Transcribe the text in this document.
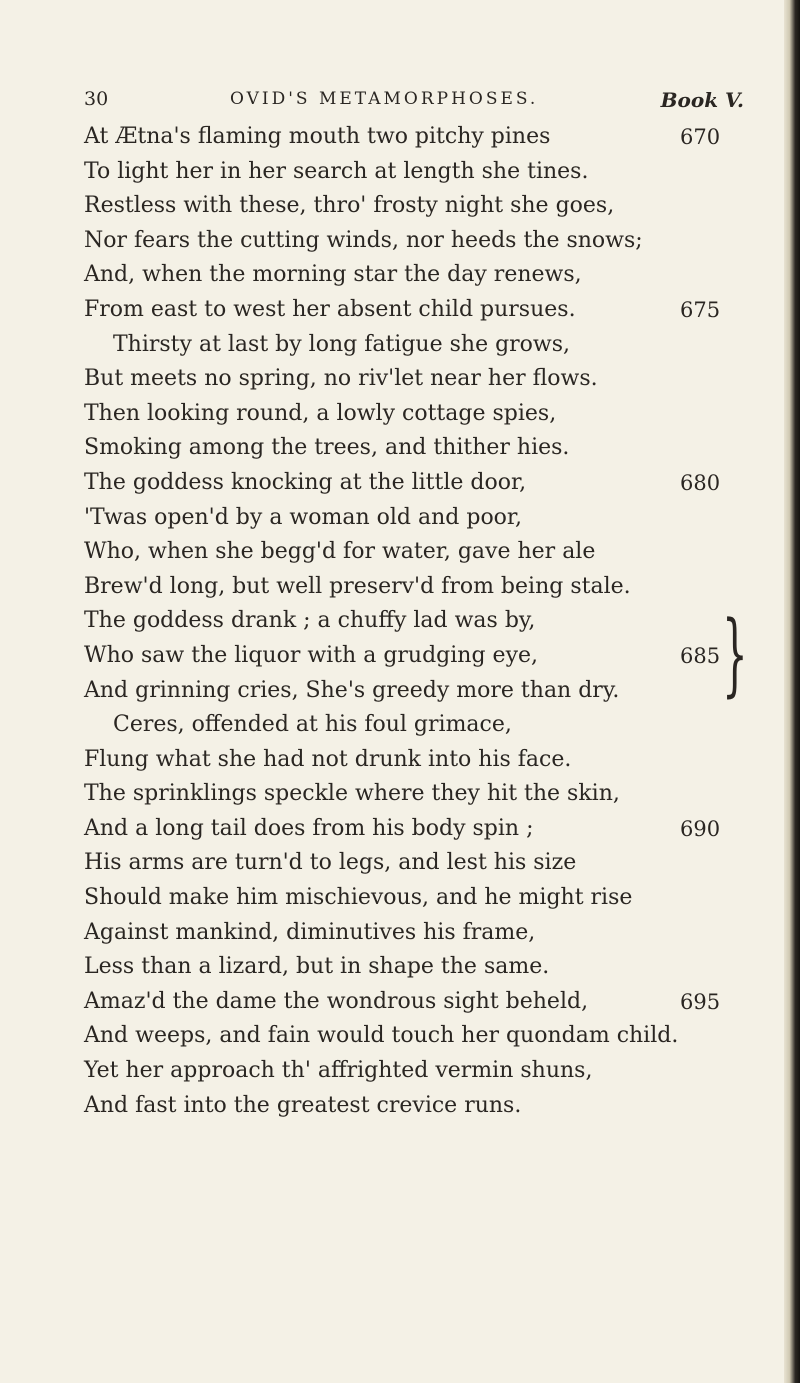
30	OVID'S METAMORPHOSES.	Book V.
At Ætna's flaming mouth two pitchy pines	670
To light her in her search at length she tines.
Restless with these, thro' frosty night she goes,
Nor fears the cutting winds, nor heeds the snows;
And, when the morning star the day renews,
From east to west her absent child pursues.	675
Thirsty at last by long fatigue she grows,
But meets no spring, no riv'let near her flows.
Then looking round, a lowly cottage spies,
Smoking among the trees, and thither hies.
The goddess knocking at the little door,	680
'Twas open'd by a woman old and poor,
Who, when she begg'd for water, gave her ale
Brew'd long, but well preserv'd from being stale.
The goddess drank ; a chuffy lad was by,
Who saw the liquor with a grudging eye,	685
And grinning cries, She's greedy more than dry.
Ceres, offended at his foul grimace,
Flung what she had not drunk into his face.
The sprinklings speckle where they hit the skin,
And a long tail does from his body spin ;	690
His arms are turn'd to legs, and lest his size
Should make him mischievous, and he might rise
Against mankind, diminutives his frame,
Less than a lizard, but in shape the same.
Amaz'd the dame the wondrous sight beheld,	695
And weeps, and fain would touch her quondam child.
Yet her approach th' affrighted vermin shuns,
And fast into the greatest crevice runs.
}
